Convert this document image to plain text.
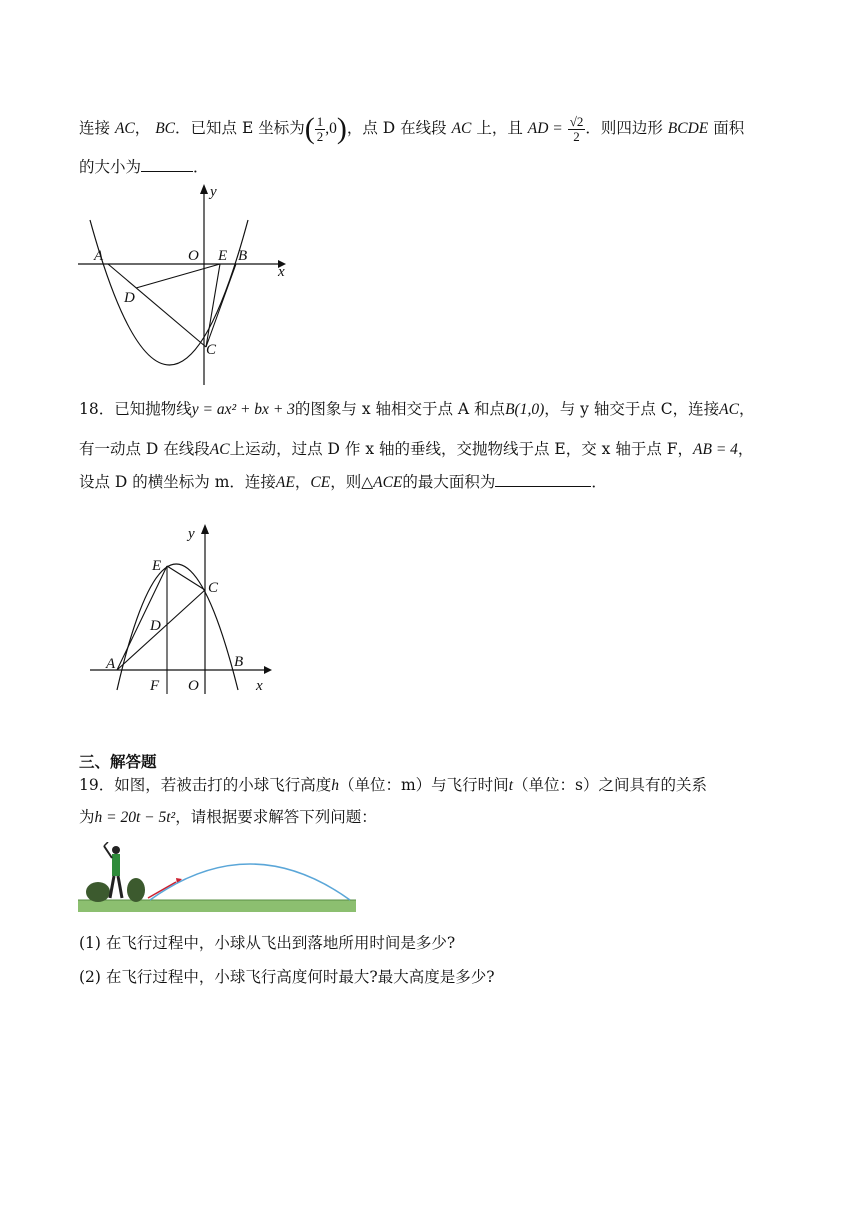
连接 AC， BC．已知点 E 坐标为( $\frac{1}{2} ,0$)，点 D 在线段 AC 上，且 AD = $\frac{√2}{2}$ ．则四边形 BCDE 面积
的大小为	．
A	O E B
x
y
D
C
18．已知抛物线y = ax² + bx + 3的图象与 x 轴相交于点 A 和点B(1,0)，与 y 轴交于点 C，连接AC，
有一动点 D 在线段AC上运动，过点 D 作 x 轴的垂线，交抛物线于点 E，交 x 轴于点 F，AB = 4，
设点 D 的横坐标为 m．连接AE，CE，则△ACE的最大面积为	．
y
E
C
D
A	B
F O	x
三、解答题
19．如图，若被击打的小球飞行高度h（单位：m）与飞行时间t（单位：s）之间具有的关系
为h = 20t − 5t²，请根据要求解答下列问题：
(1) 在飞行过程中，小球从飞出到落地所用时间是多少?
(2) 在飞行过程中，小球飞行高度何时最大?最大高度是多少?
